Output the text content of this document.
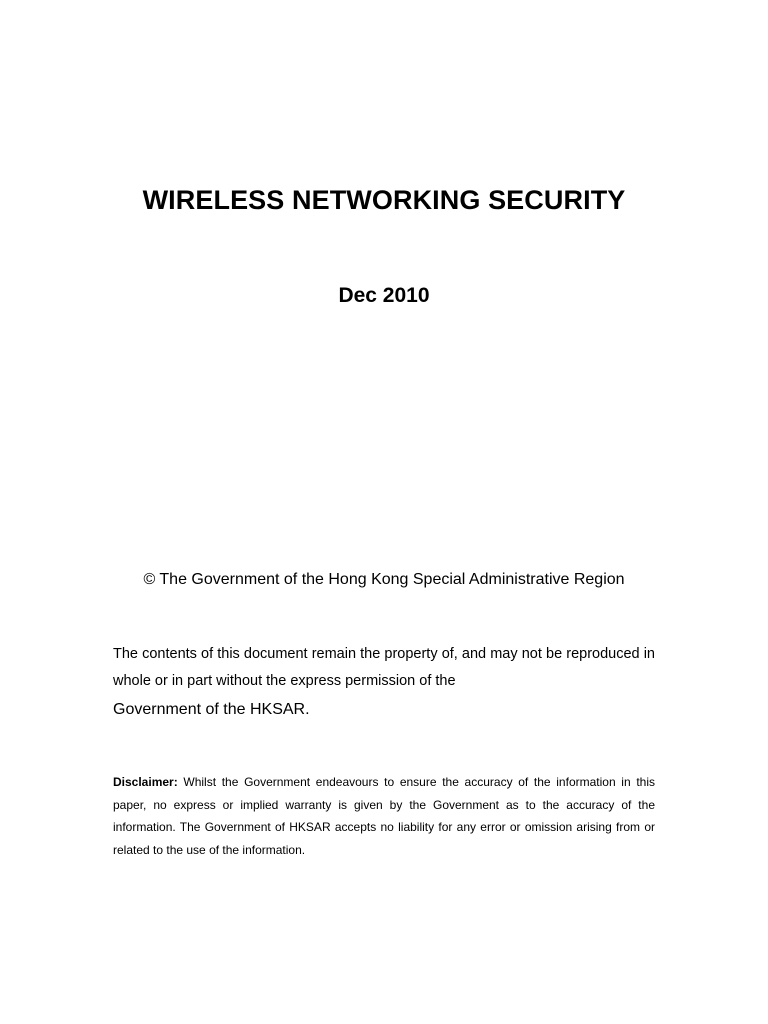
WIRELESS NETWORKING SECURITY
Dec 2010
© The Government of the Hong Kong Special Administrative Region
The contents of this document remain the property of, and may not be reproduced in whole or in part without the express permission of the
Government of the HKSAR.
Disclaimer: Whilst the Government endeavours to ensure the accuracy of the information in this paper, no express or implied warranty is given by the Government as to the accuracy of the information. The Government of HKSAR accepts no liability for any error or omission arising from or related to the use of the information.
